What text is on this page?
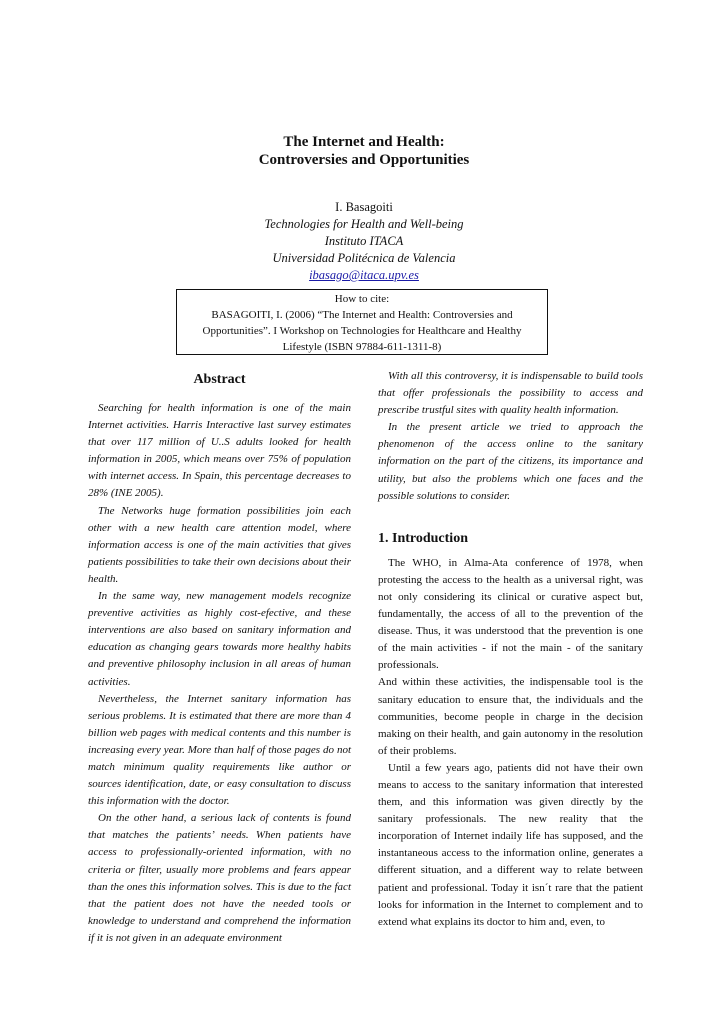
The Internet and Health:
Controversies and Opportunities
I. Basagoiti
Technologies for Health and Well-being
Instituto ITACA
Universidad Politécnica de Valencia
ibasago@itaca.upv.es
How to cite:
BASAGOITI, I. (2006) “The Internet and Health: Controversies and
Opportunities”. I Workshop on Technologies for Healthcare and Healthy
Lifestyle (ISBN 97884-611-1311-8)
Abstract

Searching for health information is one of the main Internet activities. Harris Interactive last survey estimates that over 117 million of U..S adults looked for health information in 2005, which means over 75% of population with internet access. In Spain, this percentage decreases to 28% (INE 2005).

The Networks huge formation possibilities join each other with a new health care attention model, where information access is one of the main activities that gives patients possibilities to take their own decisions about their health.

In the same way, new management models recognize preventive activities as highly cost-efective, and these interventions are also based on sanitary information and education as changing gears towards more healthy habits and preventive philosophy inclusion in all areas of human activities.

Nevertheless, the Internet sanitary information has serious problems. It is estimated that there are more than 4 billion web pages with medical contents and this number is increasing every year. More than half of those pages do not match minimum quality requirements like author or sources identification, date, or easy consultation to discuss this information with the doctor.

On the other hand, a serious lack of contents is found that matches the patients’ needs. When patients have access to professionally-oriented information, with no criteria or filter, usually more problems and fears appear than the ones this information solves. This is due to the fact that the patient does not have the needed tools or knowledge to understand and comprehend the information if it is not given in an adequate environment

With all this controversy, it is indispensable to build tools that offer professionals the possibility to access and prescribe trustful sites with quality health information.

In the present article we tried to approach the phenomenon of the access online to the sanitary information on the part of the citizens, its importance and utility, but also the problems which one faces and the possible solutions to consider.

1. Introduction

The WHO, in Alma-Ata conference of 1978, when protesting the access to the health as a universal right, was not only considering its clinical or curative aspect but, fundamentally, the access of all to the prevention of the disease. Thus, it was understood that the prevention is one of the main activities - if not the main - of the sanitary professionals.

And within these activities, the indispensable tool is the sanitary education to ensure that, the individuals and the communities, become people in charge in the decision making on their health, and gain autonomy in the resolution of their problems.

Until a few years ago, patients did not have their own means to access to the sanitary information that interested them, and this information was given directly by the sanitary professionals. The new reality that the incorporation of Internet indaily life has supposed, and the instantaneous access to the information online, generates a different situation, and a different way to relate between patient and professional. Today it isn´t rare that the patient looks for information in the Internet to complement and to extend what explains its doctor to him and, even, to
